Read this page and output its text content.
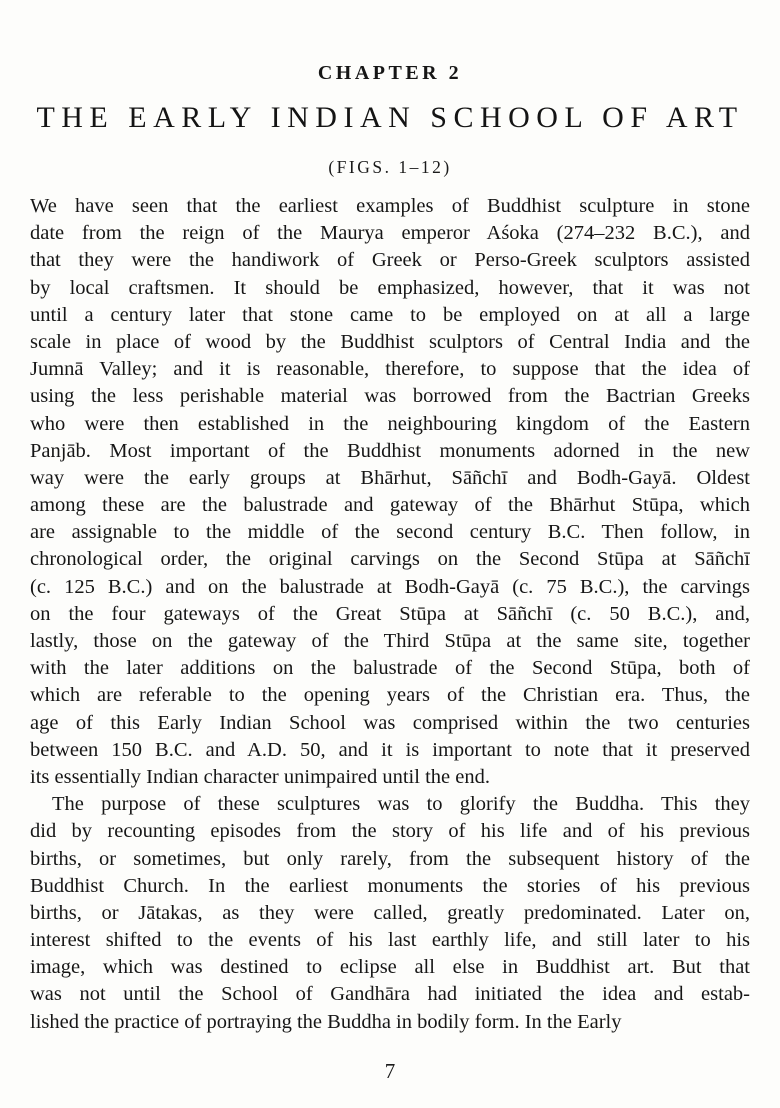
CHAPTER 2
THE EARLY INDIAN SCHOOL OF ART
(FIGS. 1–12)
We have seen that the earliest examples of Buddhist sculpture in stone
date from the reign of the Maurya emperor Aśoka (274–232 B.C.), and
that they were the handiwork of Greek or Perso-Greek sculptors assisted
by local craftsmen. It should be emphasized, however, that it was not
until a century later that stone came to be employed on at all a large
scale in place of wood by the Buddhist sculptors of Central India and the
Jumnā Valley; and it is reasonable, therefore, to suppose that the idea of
using the less perishable material was borrowed from the Bactrian Greeks
who were then established in the neighbouring kingdom of the Eastern
Panjāb. Most important of the Buddhist monuments adorned in the new
way were the early groups at Bhārhut, Sāñchī and Bodh-Gayā. Oldest
among these are the balustrade and gateway of the Bhārhut Stūpa, which
are assignable to the middle of the second century B.C. Then follow, in
chronological order, the original carvings on the Second Stūpa at Sāñchī
(c. 125 B.C.) and on the balustrade at Bodh-Gayā (c. 75 B.C.), the carvings
on the four gateways of the Great Stūpa at Sāñchī (c. 50 B.C.), and,
lastly, those on the gateway of the Third Stūpa at the same site, together
with the later additions on the balustrade of the Second Stūpa, both of
which are referable to the opening years of the Christian era. Thus, the
age of this Early Indian School was comprised within the two centuries
between 150 B.C. and A.D. 50, and it is important to note that it preserved
its essentially Indian character unimpaired until the end.
The purpose of these sculptures was to glorify the Buddha. This they
did by recounting episodes from the story of his life and of his previous
births, or sometimes, but only rarely, from the subsequent history of the
Buddhist Church. In the earliest monuments the stories of his previous
births, or Jātakas, as they were called, greatly predominated. Later on,
interest shifted to the events of his last earthly life, and still later to his
image, which was destined to eclipse all else in Buddhist art. But that
was not until the School of Gandhāra had initiated the idea and estab-
lished the practice of portraying the Buddha in bodily form. In the Early
7
